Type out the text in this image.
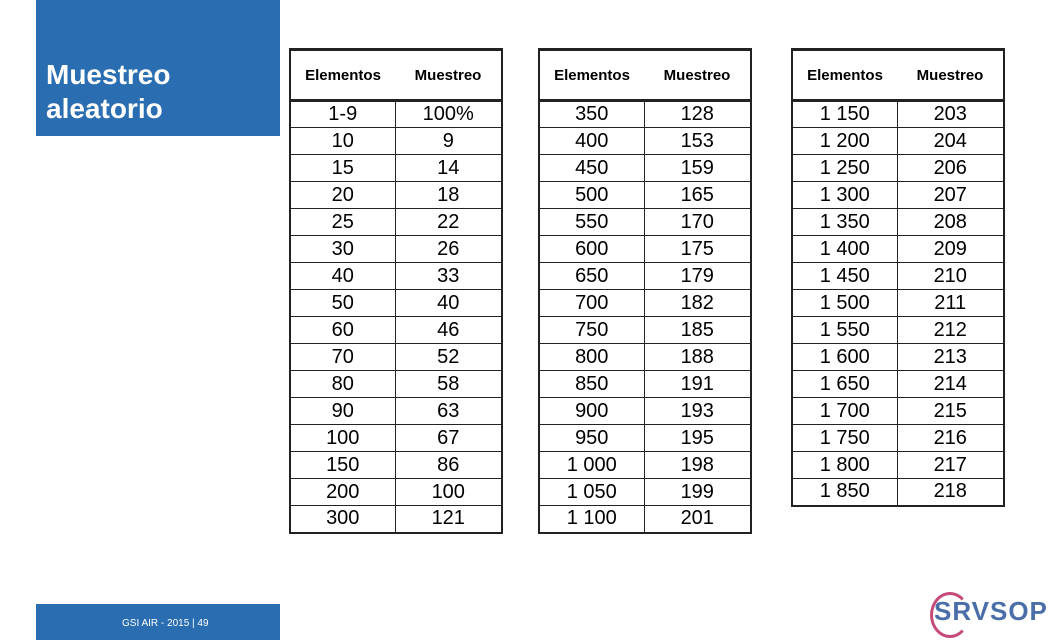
Muestreo
aleatorio
Elementos	Muestreo
1-9	100%
10	9
15	14
20	18
25	22
30	26
40	33
50	40
60	46
70	52
80	58
90	63
100	67
150	86
200	100
300	121
Elementos	Muestreo
350	128
400	153
450	159
500	165
550	170
600	175
650	179
700	182
750	185
800	188
850	191
900	193
950	195
1 000	198
1 050	199
1 100	201
Elementos	Muestreo
1 150	203
1 200	204
1 250	206
1 300	207
1 350	208
1 400	209
1 450	210
1 500	211
1 550	212
1 600	213
1 650	214
1 700	215
1 750	216
1 800	217
1 850	218
GSI AIR - 2015 | 49	SRVSOP
